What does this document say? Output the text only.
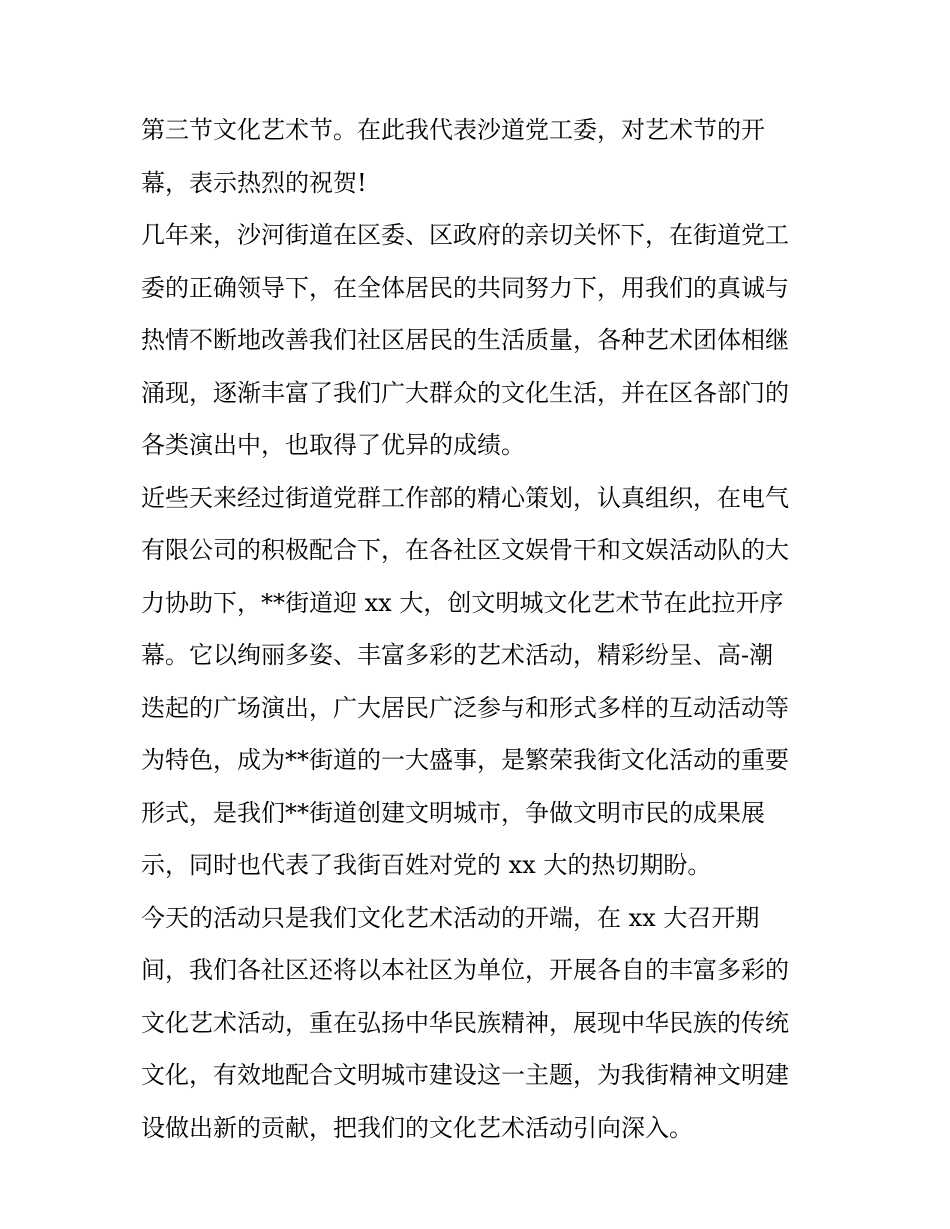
第三节文化艺术节。在此我代表沙道党工委，对艺术节的开
幕，表示热烈的祝贺!
几年来，沙河街道在区委、区政府的亲切关怀下，在街道党工
委的正确领导下，在全体居民的共同努力下，用我们的真诚与
热情不断地改善我们社区居民的生活质量，各种艺术团体相继
涌现，逐渐丰富了我们广大群众的文化生活，并在区各部门的
各类演出中，也取得了优异的成绩。
近些天来经过街道党群工作部的精心策划，认真组织，在电气
有限公司的积极配合下，在各社区文娱骨干和文娱活动队的大
力协助下，**街道迎 xx 大，创文明城文化艺术节在此拉开序
幕。它以绚丽多姿、丰富多彩的艺术活动，精彩纷呈、高-潮
迭起的广场演出，广大居民广泛参与和形式多样的互动活动等
为特色，成为**街道的一大盛事，是繁荣我街文化活动的重要
形式，是我们**街道创建文明城市，争做文明市民的成果展
示，同时也代表了我街百姓对党的 xx 大的热切期盼。
今天的活动只是我们文化艺术活动的开端，在 xx 大召开期
间，我们各社区还将以本社区为单位，开展各自的丰富多彩的
文化艺术活动，重在弘扬中华民族精神，展现中华民族的传统
文化，有效地配合文明城市建设这一主题，为我街精神文明建
设做出新的贡献，把我们的文化艺术活动引向深入。
